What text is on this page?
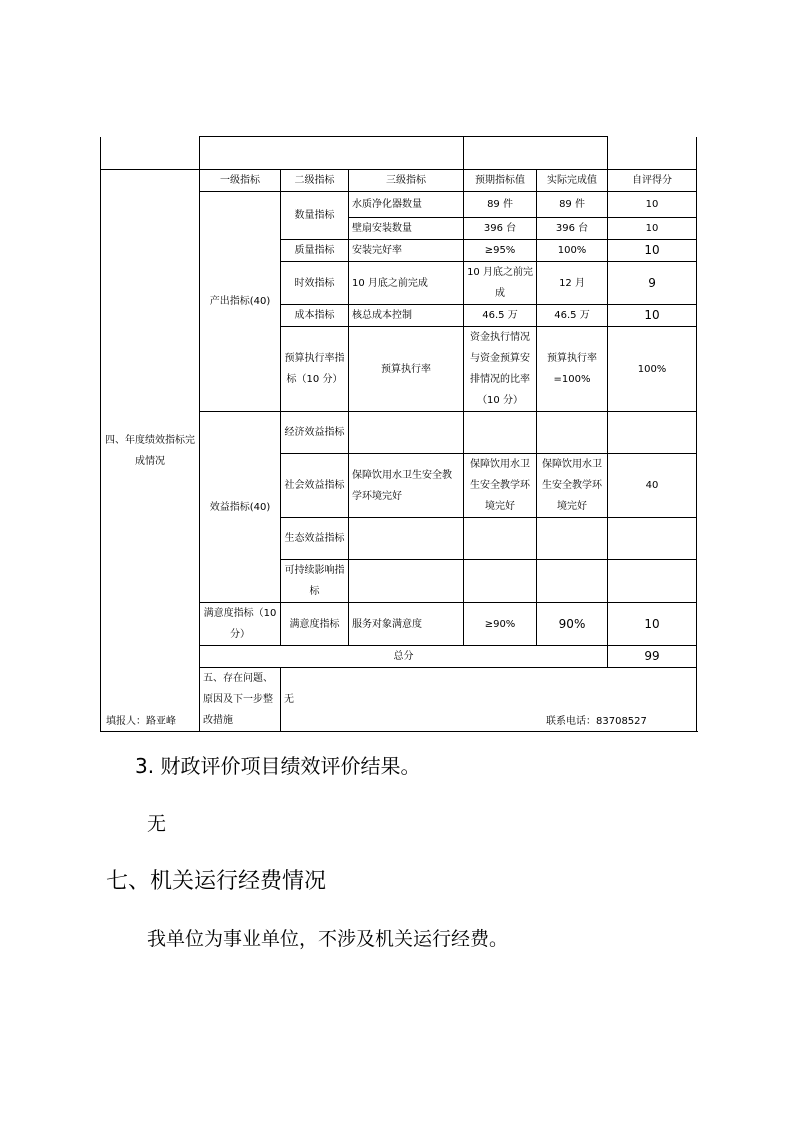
四、年度绩效指标完成情况	一级指标	二级指标	三级指标	预期指标值	实际完成值	自评得分	
	产出指标(40)	数量指标	水质净化器数量	89 件	89 件	10	
			壁扇安装数量	396 台	396 台	10	
		质量指标	安装完好率	≥95%	100%	10	
		时效指标	10 月底之前完成	10 月底之前完成	12 月	9	
		成本指标	核总成本控制	46.5 万	46.5 万	10	
		预算执行率指标（10 分）	预算执行率	资金执行情况与资金预算安排情况的比率（10 分）	预算执行率=100%	100%	
	效益指标(40)	经济效益指标					
		社会效益指标	保障饮用水卫生安全教学环境完好	保障饮用水卫生安全教学环境完好	保障饮用水卫生安全教学环境完好	40	
		生态效益指标					
		可持续影响指标					
	满意度指标（10 分）	满意度指标	服务对象满意度	≥90%	90%	10	
	总分					99	
	五、存在问题、原因及下一步整改措施	无					
填报人：路亚峰	联系电话：83708527
3. 财政评价项目绩效评价结果。
无
七、机关运行经费情况
我单位为事业单位，不涉及机关运行经费。
